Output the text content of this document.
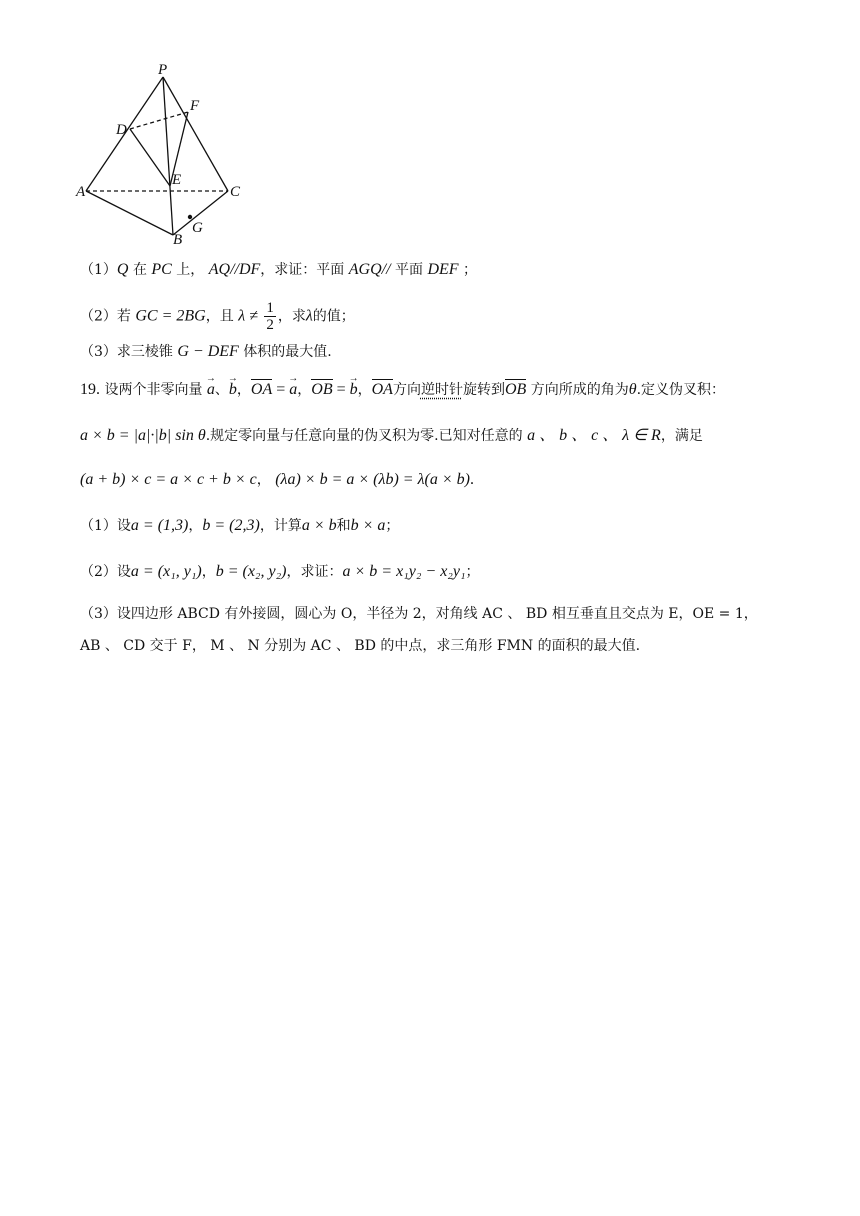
P
F
D
E
A	C
B
G
（1）Q 在 PC 上， AQ//DF，求证：平面 AGQ// 平面 DEF ；
（2）若 GC = 2BG，且 $\lambda \ne \frac{1}{2}$ ，求λ的值；
（3）求三棱锥 G − DEF 体积的最大值.
19. 设两个非零向量 → a、→ b，OA = → a，OB = → b，OA方向逆时针旋转到OB 方向所成的角为θ.定义伪叉积：
a × b = |a|·|b| sin θ.规定零向量与任意向量的伪叉积为零.已知对任意的 a 、 b 、 c 、 λ ∈ R，满足
(a + b) × c = a × c + b × c， (λa) × b = a × (λb) = λ(a × b).
（1）设a = (1,3)，b = (2,3)，计算a × b和b × a；
（2）设a = (x₁, y₁)，b = (x₂, y₂)，求证：a × b = x₁y₂ − x₂y₁；
（3）设四边形 ABCD 有外接圆，圆心为 O，半径为 2，对角线 AC 、 BD 相互垂直且交点为 E，OE = 1，
AB 、 CD 交于 F， M 、 N 分别为 AC 、 BD 的中点，求三角形 FMN 的面积的最大值.
